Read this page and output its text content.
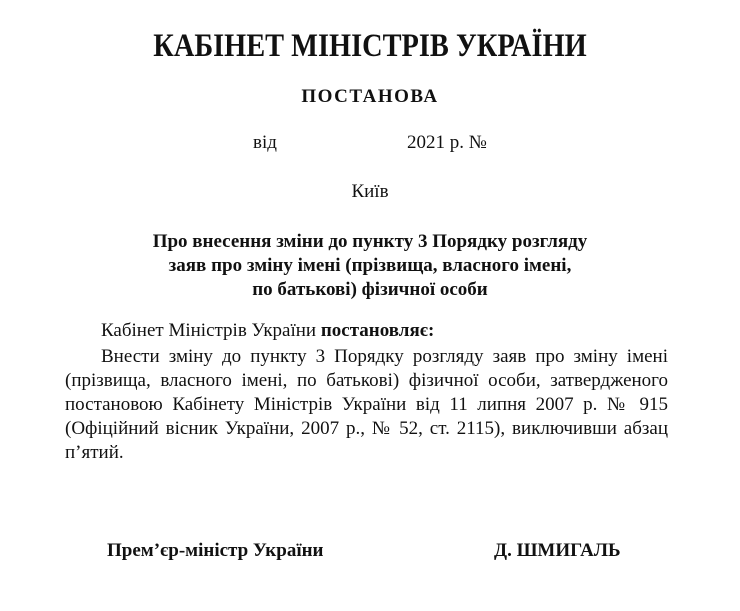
КАБІНЕТ МІНІСТРІВ УКРАЇНИ
ПОСТАНОВА
від	2021 р. №
Київ
Про внесення зміни до пункту 3 Порядку розгляду
заяв про зміну імені (прізвища, власного імені,
по батькові) фізичної особи
Кабінет Міністрів України постановляє:
Внести зміну до пункту 3 Порядку розгляду заяв про зміну імені
(прізвища, власного імені, по батькові) фізичної особи, затвердженого
постановою Кабінету Міністрів України від 11 липня 2007 р. № 915
(Офіційний вісник України, 2007 р., № 52, ст. 2115), виключивши абзац
п’ятий.
Прем’єр-міністр України	Д. ШМИГАЛЬ
